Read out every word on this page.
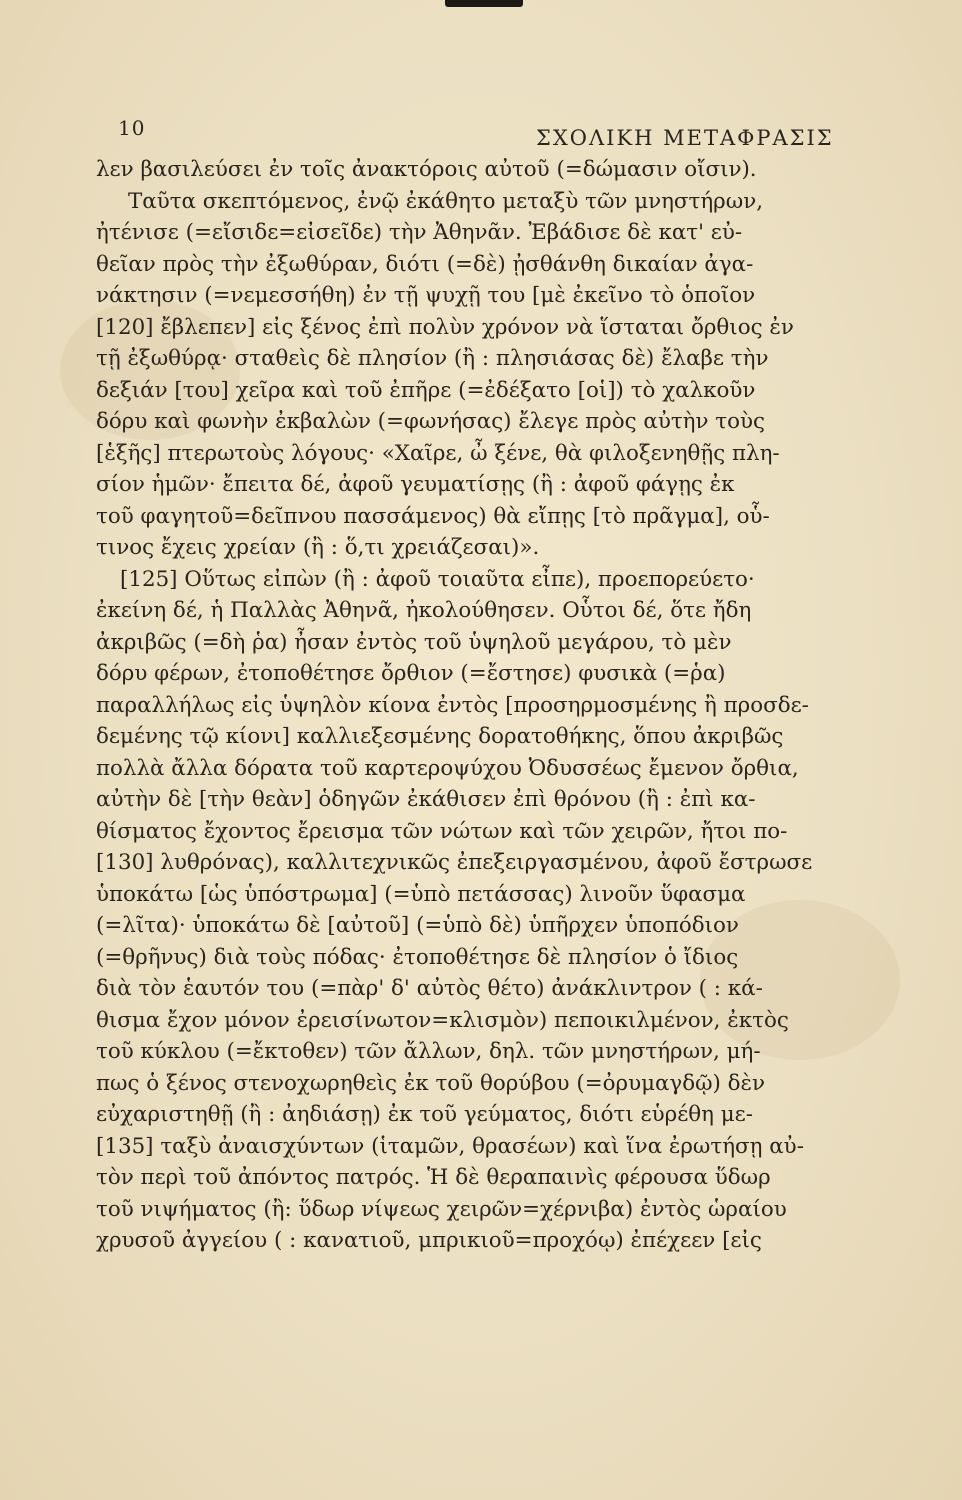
10	ΣΧΟΛΙΚΗ ΜΕΤΑΦΡΑΣΙΣ
λεν βασιλεύσει ἐν τοῖς ἀνακτόροις αὐτοῦ (=δώμασιν οἴσιν).
Ταῦτα σκεπτόμενος, ἐνῷ ἐκάθητο μεταξὺ τῶν μνηστήρων,
ἠτένισε (=εἴσιδε=εἰσεῖδε) τὴν Ἀθηνᾶν. Ἐβάδισε δὲ κατ' εὐ-
θεῖαν πρὸς τὴν ἐξωθύραν, διότι (=δὲ) ᾐσθάνθη δικαίαν ἀγα-
νάκτησιν (=νεμεσσήθη) ἐν τῇ ψυχῇ του [μὲ ἐκεῖνο τὸ ὁποῖον
[120] ἔβλεπεν] εἰς ξένος ἐπὶ πολὺν χρόνον νὰ ἵσταται ὄρθιος ἐν
τῇ ἐξωθύρᾳ· σταθεὶς δὲ πλησίον (ἢ : πλησιάσας δὲ) ἔλαβε τὴν
δεξιάν [του] χεῖρα καὶ τοῦ ἐπῆρε (=ἐδέξατο [οἱ]) τὸ χαλκοῦν
δόρυ καὶ φωνὴν ἐκβαλὼν (=φωνήσας) ἔλεγε πρὸς αὐτὴν τοὺς
[ἑξῆς] πτερωτοὺς λόγους· «Χαῖρε, ὦ ξένε, θὰ φιλοξενηθῇς πλη-
σίον ἡμῶν· ἔπειτα δέ, ἀφοῦ γευματίσῃς (ἢ : ἀφοῦ φάγῃς ἐκ
τοῦ φαγητοῦ=δεῖπνου πασσάμενος) θὰ εἴπῃς [τὸ πρᾶγμα], οὗ-
τινος ἔχεις χρείαν (ἢ : ὅ,τι χρειάζεσαι)».
[125] Οὕτως εἰπὼν (ἢ : ἀφοῦ τοιαῦτα εἶπε), προεπορεύετο·
ἐκείνη δέ, ἡ Παλλὰς Ἀθηνᾶ, ἠκολούθησεν. Οὗτοι δέ, ὅτε ἤδη
ἀκριβῶς (=δὴ ῥα) ἦσαν ἐντὸς τοῦ ὑψηλοῦ μεγάρου, τὸ μὲν
δόρυ φέρων, ἐτοποθέτησε ὄρθιον (=ἔστησε) φυσικὰ (=ῥα)
παραλλήλως εἰς ὑψηλὸν κίονα ἐντὸς [προσηρμοσμένης ἢ προσδε-
δεμένης τῷ κίονι] καλλιεξεσμένης δορατοθήκης, ὅπου ἀκριβῶς
πολλὰ ἄλλα δόρατα τοῦ καρτεροψύχου Ὀδυσσέως ἔμενον ὄρθια,
αὐτὴν δὲ [τὴν θεὰν] ὁδηγῶν ἐκάθισεν ἐπὶ θρόνου (ἢ : ἐπὶ κα-
θίσματος ἔχοντος ἔρεισμα τῶν νώτων καὶ τῶν χειρῶν, ἤτοι πο-
[130] λυθρόνας), καλλιτεχνικῶς ἐπεξειργασμένου, ἀφοῦ ἔστρωσε
ὑποκάτω [ὡς ὑπόστρωμα] (=ὑπὸ πετάσσας) λινοῦν ὕφασμα
(=λῖτα)· ὑποκάτω δὲ [αὐτοῦ] (=ὑπὸ δὲ) ὑπῆρχεν ὑποπόδιον
(=θρῆνυς) διὰ τοὺς πόδας· ἐτοποθέτησε δὲ πλησίον ὁ ἴδιος
διὰ τὸν ἑαυτόν του (=πὰρ' δ' αὐτὸς θέτο) ἀνάκλιντρον ( : κά-
θισμα ἔχον μόνον ἐρεισίνωτον=κλισμὸν) πεποικιλμένον, ἐκτὸς
τοῦ κύκλου (=ἔκτοθεν) τῶν ἄλλων, δηλ. τῶν μνηστήρων, μή-
πως ὁ ξένος στενοχωρηθεὶς ἐκ τοῦ θορύβου (=ὀρυμαγδῷ) δὲν
εὐχαριστηθῇ (ἢ : ἀηδιάσῃ) ἐκ τοῦ γεύματος, διότι εὑρέθη με-
[135] ταξὺ ἀναισχύντων (ἱταμῶν, θρασέων) καὶ ἵνα ἐρωτήσῃ αὐ-
τὸν περὶ τοῦ ἀπόντος πατρός. Ἡ δὲ θεραπαινὶς φέρουσα ὕδωρ
τοῦ νιψήματος (ἢ: ὕδωρ νίψεως χειρῶν=χέρνιβα) ἐντὸς ὡραίου
χρυσοῦ ἀγγείου ( : κανατιοῦ, μπρικιοῦ=προχόῳ) ἐπέχεεν [εἰς
